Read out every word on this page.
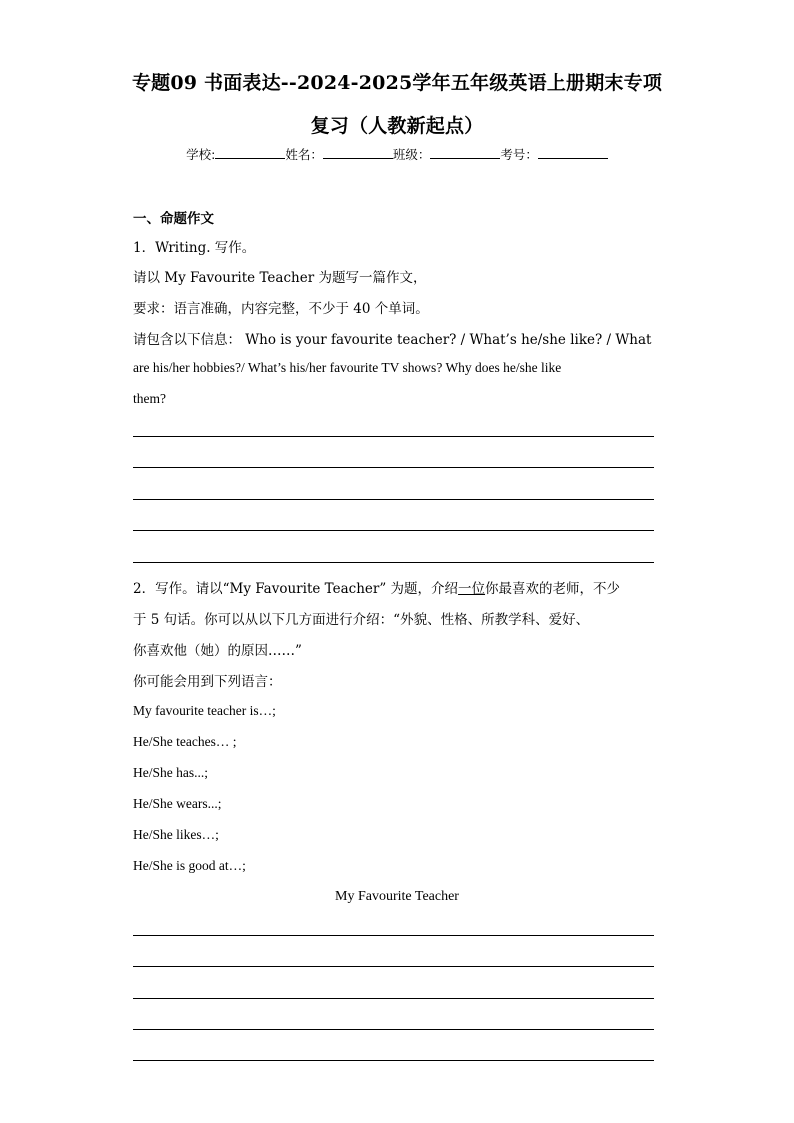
专题09 书面表达--2024-2025学年五年级英语上册期末专项
复习（人教新起点）
学校:	姓名：	班级：	考号：
一、命题作文
1．Writing. 写作。
请以 My Favourite Teacher 为题写一篇作文，
要求：语言准确，内容完整，不少于 40 个单词。
请包含以下信息： Who is your favourite teacher? / What’s he/she like? / What
are his/her hobbies?/ What’s his/her favourite TV shows? Why does he/she like
them?
2．写作。请以“My Favourite Teacher” 为题，介绍一位你最喜欢的老师，不少
于 5 句话。你可以从以下几方面进行介绍：“外貌、性格、所教学科、爱好、
你喜欢他（她）的原因……”
你可能会用到下列语言：
My favourite teacher is…;
He/She teaches… ;
He/She has...;
He/She wears...;
He/She likes…;
He/She is good at…;
My Favourite Teacher
